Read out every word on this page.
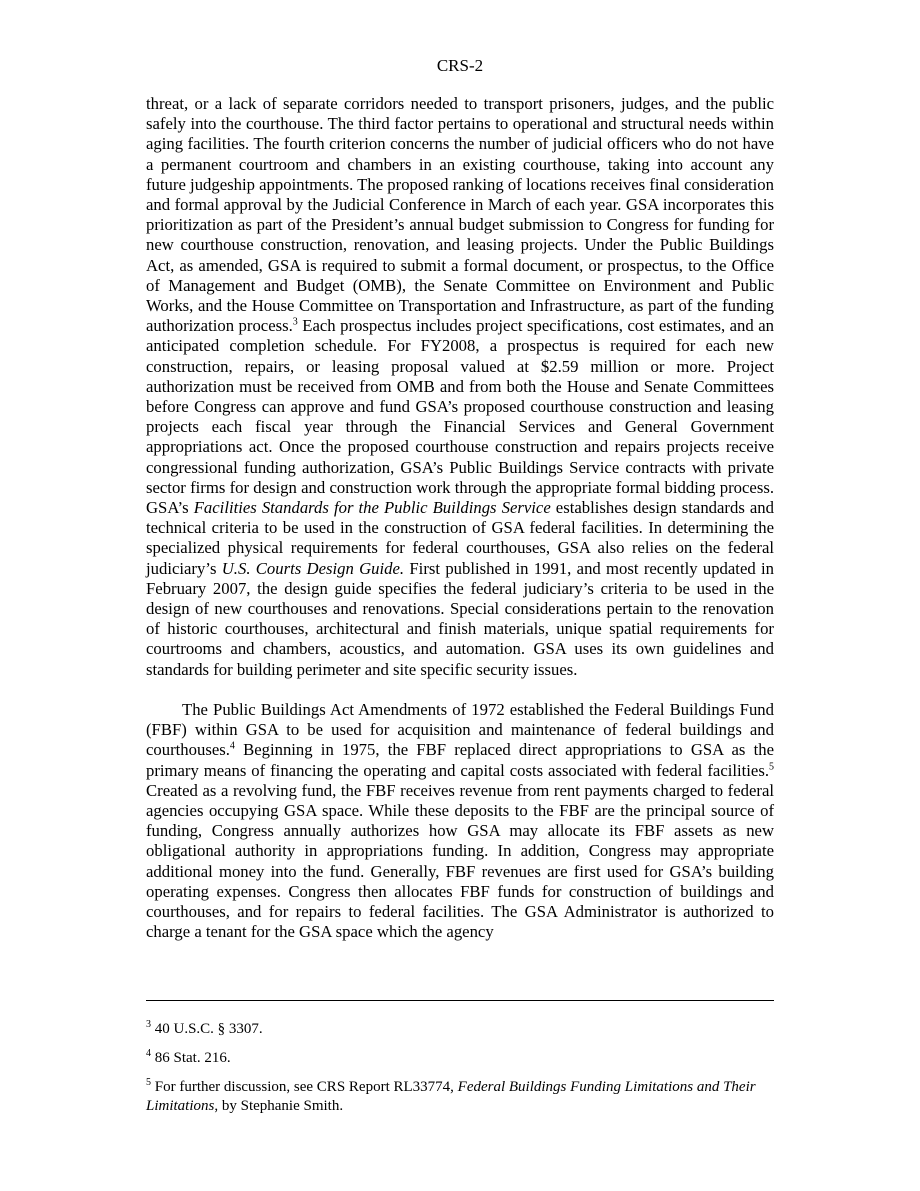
CRS-2

threat, or a lack of separate corridors needed to transport prisoners, judges, and the public safely into the courthouse. The third factor pertains to operational and structural needs within aging facilities. The fourth criterion concerns the number of judicial officers who do not have a permanent courtroom and chambers in an existing courthouse, taking into account any future judgeship appointments. The proposed ranking of locations receives final consideration and formal approval by the Judicial Conference in March of each year. GSA incorporates this prioritization as part of the President’s annual budget submission to Congress for funding for new courthouse construction, renovation, and leasing projects. Under the Public Buildings Act, as amended, GSA is required to submit a formal document, or prospectus, to the Office of Management and Budget (OMB), the Senate Committee on Environment and Public Works, and the House Committee on Transportation and Infrastructure, as part of the funding authorization process.$^3$ Each prospectus includes project specifications, cost estimates, and an anticipated completion schedule. For FY2008, a prospectus is required for each new construction, repairs, or leasing proposal valued at $2.59 million or more. Project authorization must be received from OMB and from both the House and Senate Committees before Congress can approve and fund GSA’s proposed courthouse construction and leasing projects each fiscal year through the Financial Services and General Government appropriations act. Once the proposed courthouse construction and repairs projects receive congressional funding authorization, GSA’s Public Buildings Service contracts with private sector firms for design and construction work through the appropriate formal bidding process. GSA’s Facilities Standards for the Public Buildings Service establishes design standards and technical criteria to be used in the construction of GSA federal facilities. In determining the specialized physical requirements for federal courthouses, GSA also relies on the federal judiciary’s U.S. Courts Design Guide. First published in 1991, and most recently updated in February 2007, the design guide specifies the federal judiciary’s criteria to be used in the design of new courthouses and renovations. Special considerations pertain to the renovation of historic courthouses, architectural and finish materials, unique spatial requirements for courtrooms and chambers, acoustics, and automation. GSA uses its own guidelines and standards for building perimeter and site specific security issues.

The Public Buildings Act Amendments of 1972 established the Federal Buildings Fund (FBF) within GSA to be used for acquisition and maintenance of federal buildings and courthouses.$^4$ Beginning in 1975, the FBF replaced direct appropriations to GSA as the primary means of financing the operating and capital costs associated with federal facilities.$^5$ Created as a revolving fund, the FBF receives revenue from rent payments charged to federal agencies occupying GSA space. While these deposits to the FBF are the principal source of funding, Congress annually authorizes how GSA may allocate its FBF assets as new obligational authority in appropriations funding. In addition, Congress may appropriate additional money into the fund. Generally, FBF revenues are first used for GSA’s building operating expenses. Congress then allocates FBF funds for construction of buildings and courthouses, and for repairs to federal facilities. The GSA Administrator is authorized to charge a tenant for the GSA space which the agency

$^3$ 40 U.S.C. § 3307.

$^4$ 86 Stat. 216.

$^5$ For further discussion, see CRS Report RL33774, Federal Buildings Funding Limitations and Their Limitations, by Stephanie Smith.
